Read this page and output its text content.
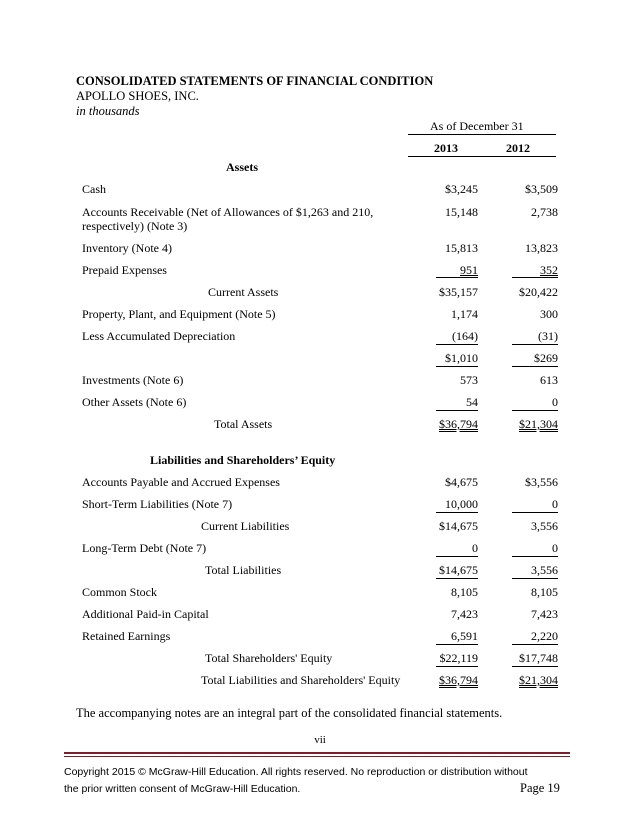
CONSOLIDATED STATEMENTS OF FINANCIAL CONDITION
APOLLO SHOES, INC.
in thousands
As of December 31
2013	2012
Assets
Cash	$3,245	$3,509
Accounts Receivable (Net of Allowances of $1,263 and 210,
respectively) (Note 3)
15,148	2,738
Inventory (Note 4)	15,813	13,823
Prepaid Expenses	951	352
Current Assets	$35,157	$20,422
Property, Plant, and Equipment (Note 5)	1,174	300
Less Accumulated Depreciation	(164)	(31)
$1,010	$269
Investments (Note 6)	573	613
Other Assets (Note 6)	54	0
Total Assets	$36,794	$21,304
Liabilities and Shareholders’ Equity
Accounts Payable and Accrued Expenses	$4,675	$3,556
Short-Term Liabilities (Note 7)	10,000	0
Current Liabilities	$14,675	3,556
Long-Term Debt (Note 7)	0	0
Total Liabilities	$14,675	3,556
Common Stock	8,105	8,105
Additional Paid-in Capital	7,423	7,423
Retained Earnings	6,591	2,220
Total Shareholders' Equity	$22,119	$17,748
Total Liabilities and Shareholders' Equity	$36,794	$21,304
The accompanying notes are an integral part of the consolidated financial statements.
vii
Copyright 2015 © McGraw-Hill Education. All rights reserved. No reproduction or distribution without
the prior written consent of McGraw-Hill Education.	Page 19
